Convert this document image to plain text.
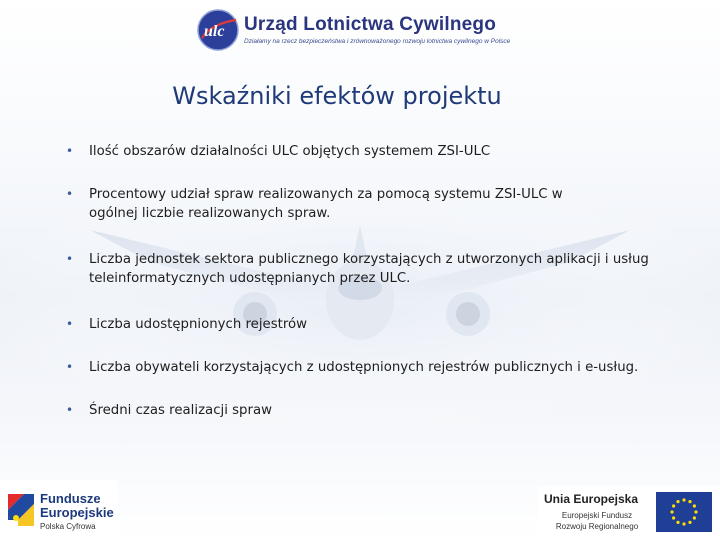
ulc Urząd Lotnictwa Cywilnego
Działamy na rzecz bezpieczeństwa i zrównoważonego rozwoju lotnictwa cywilnego w Polsce
Wskaźniki efektów projektu
• Ilość obszarów działalności ULC objętych systemem ZSI-ULC
• Procentowy udział spraw realizowanych za pomocą systemu ZSI-ULC w ogólnej liczbie realizowanych spraw.
• Liczba jednostek sektora publicznego korzystających z utworzonych aplikacji i usług teleinformatycznych udostępnianych przez ULC.
• Liczba udostępnionych rejestrów
• Liczba obywateli korzystających z udostępnionych rejestrów publicznych i e-usług.
• Średni czas realizacji spraw
Fundusze Europejskie
Polska Cyfrowa
Unia Europejska
Europejski Fundusz
Rozwoju Regionalnego
